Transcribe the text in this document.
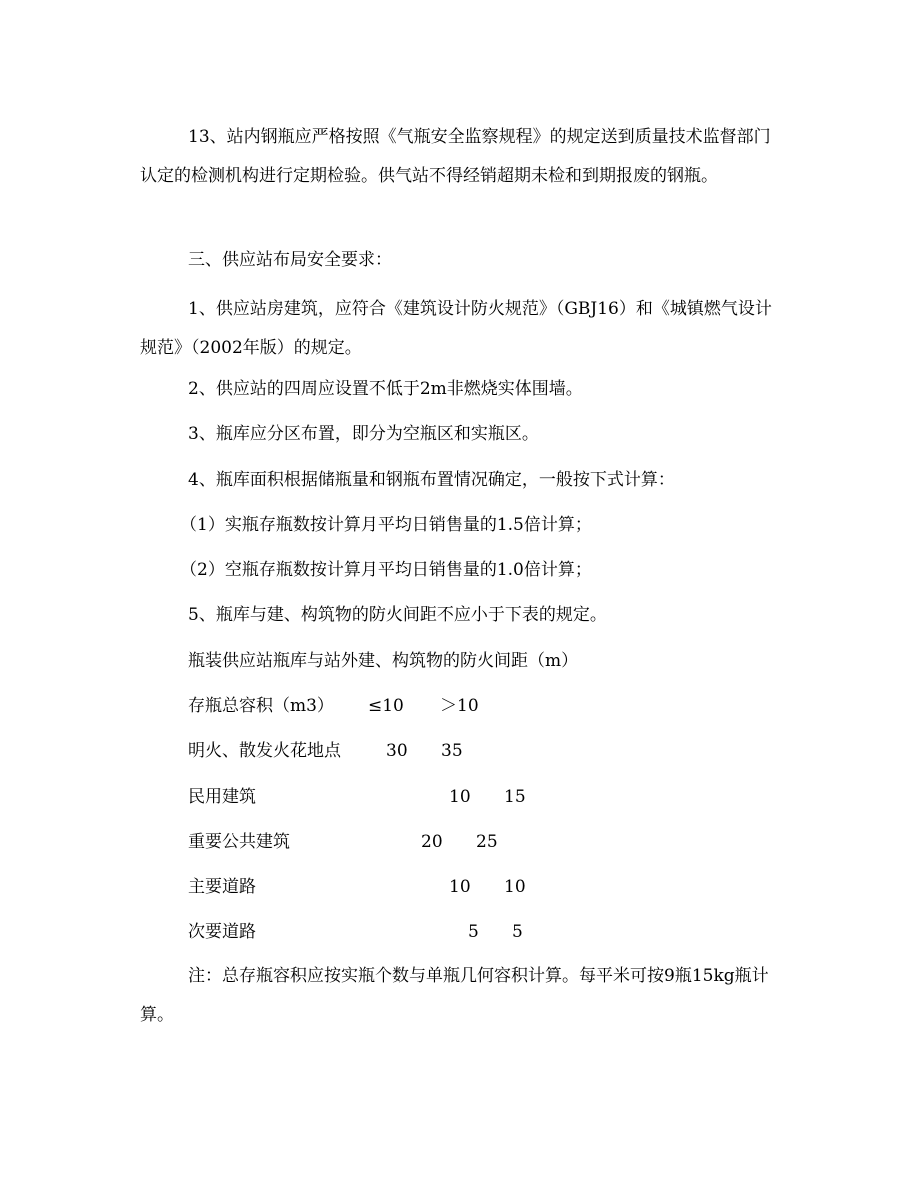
13、站内钢瓶应严格按照《气瓶安全监察规程》的规定送到质量技术监督部门认定的检测机构进行定期检验。供气站不得经销超期未检和到期报废的钢瓶。

三、供应站布局安全要求：

1、供应站房建筑，应符合《建筑设计防火规范》（GBJ16）和《城镇燃气设计规范》（2002年版）的规定。

2、供应站的四周应设置不低于2m非燃烧实体围墙。

3、瓶库应分区布置，即分为空瓶区和实瓶区。

4、瓶库面积根据储瓶量和钢瓶布置情况确定，一般按下式计算：

（1）实瓶存瓶数按计算月平均日销售量的1.5倍计算；

（2）空瓶存瓶数按计算月平均日销售量的1.0倍计算；

5、瓶库与建、构筑物的防火间距不应小于下表的规定。

瓶装供应站瓶库与站外建、构筑物的防火间距（m）

存瓶总容积（m3） ≤10 ＞10
明火、散发火花地点	30 35
民用建筑	10 15
重要公共建筑	20 25
主要道路	10 10
次要道路	5 5

注：总存瓶容积应按实瓶个数与单瓶几何容积计算。每平米可按9瓶15kg瓶计算。
